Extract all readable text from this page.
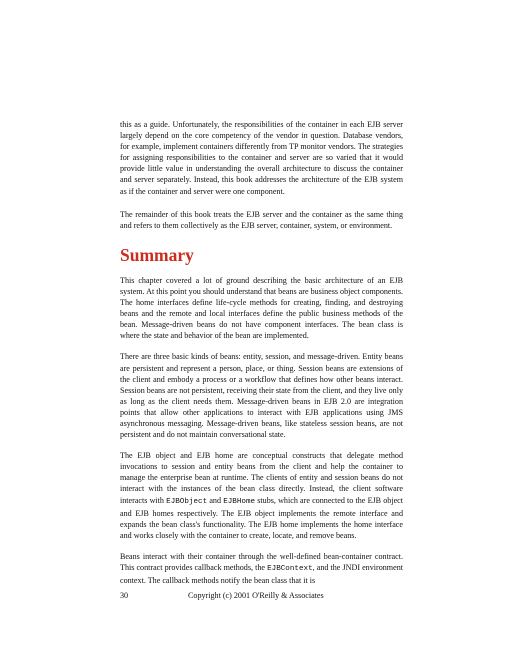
this as a guide. Unfortunately, the responsibilities of the container in each EJB server largely depend on the core competency of the vendor in question. Database vendors, for example, implement containers differently from TP monitor vendors. The strategies for assigning responsibilities to the container and server are so varied that it would provide little value in understanding the overall architecture to discuss the container and server separately. Instead, this book addresses the architecture of the EJB system as if the container and server were one component.

The remainder of this book treats the EJB server and the container as the same thing and refers to them collectively as the EJB server, container, system, or environment.

Summary

This chapter covered a lot of ground describing the basic architecture of an EJB system. At this point you should understand that beans are business object components. The home interfaces define life-cycle methods for creating, finding, and destroying beans and the remote and local interfaces define the public business methods of the bean. Message-driven beans do not have component interfaces. The bean class is where the state and behavior of the bean are implemented.

There are three basic kinds of beans: entity, session, and message-driven. Entity beans are persistent and represent a person, place, or thing. Session beans are extensions of the client and embody a process or a workflow that defines how other beans interact. Session beans are not persistent, receiving their state from the client, and they live only as long as the client needs them. Message-driven beans in EJB 2.0 are integration points that allow other applications to interact with EJB applications using JMS asynchronous messaging. Message-driven beans, like stateless session beans, are not persistent and do not maintain conversational state.

The EJB object and EJB home are conceptual constructs that delegate method invocations to session and entity beans from the client and help the container to manage the enterprise bean at runtime. The clients of entity and session beans do not interact with the instances of the bean class directly. Instead, the client software interacts with EJBObject and EJBHome stubs, which are connected to the EJB object and EJB homes respectively. The EJB object implements the remote interface and expands the bean class's functionality. The EJB home implements the home interface and works closely with the container to create, locate, and remove beans.

Beans interact with their container through the well-defined bean-container contract. This contract provides callback methods, the EJBContext, and the JNDI environment context. The callback methods notify the bean class that it is

30	Copyright (c) 2001 O'Reilly & Associates
